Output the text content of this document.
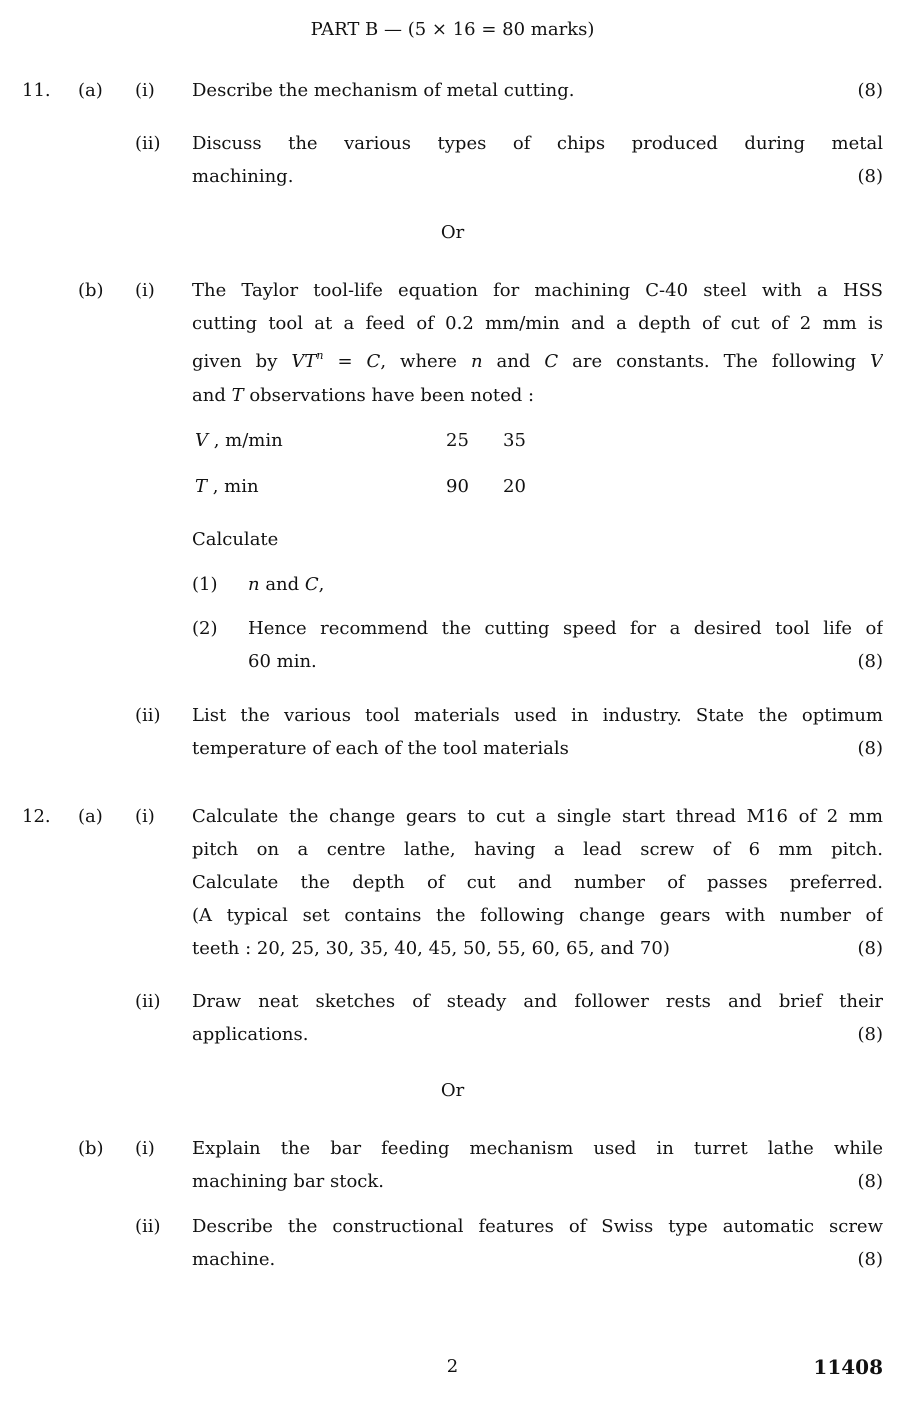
PART B — (5 × 16 = 80 marks)
11. (a) (i) Describe the mechanism of metal cutting.	(8)
(ii) Discuss the various types of chips produced during metal
machining.	(8)
Or
(b) (i) The Taylor tool-life equation for machining C-40 steel with a HSS
cutting tool at a feed of 0.2 mm/min and a depth of cut of 2 mm is
given by $VT^n = C$, where n and C are constants. The following V
and T observations have been noted :
V , m/min	25 35
T , min	90 20
Calculate
(1) n and C,
(2) Hence recommend the cutting speed for a desired tool life of
60 min.	(8)
(ii) List the various tool materials used in industry. State the optimum
temperature of each of the tool materials	(8)
12. (a) (i) Calculate the change gears to cut a single start thread M16 of 2 mm
pitch on a centre lathe, having a lead screw of 6 mm pitch.
Calculate the depth of cut and number of passes preferred.
(A typical set contains the following change gears with number of
teeth : 20, 25, 30, 35, 40, 45, 50, 55, 60, 65, and 70)	(8)
(ii) Draw neat sketches of steady and follower rests and brief their
applications.	(8)
Or
(b) (i) Explain the bar feeding mechanism used in turret lathe while
machining bar stock.	(8)
(ii) Describe the constructional features of Swiss type automatic screw
machine.	(8)
2	11408
